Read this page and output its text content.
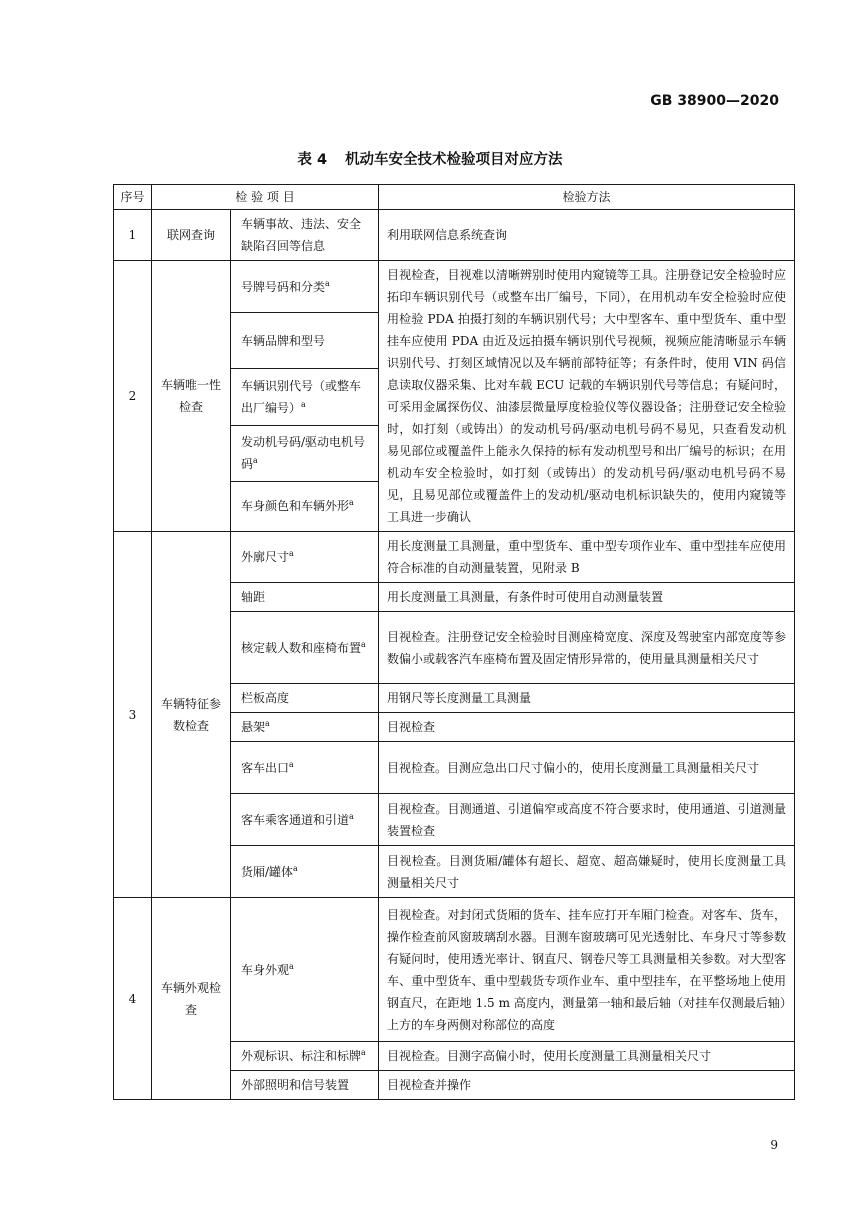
GB 38900—2020
表 4 机动车安全技术检验项目对应方法
序号	检 验 项 目		检验方法
1	联网查询	车辆事故、违法、安全缺陷召回等信息	利用联网信息系统查询
2	车辆唯一性检查	号牌号码和分类$^a$	目视检查，目视难以清晰辨别时使用内窥镜等工具。注册登记安全检验时应拓印车辆识别代号（或整车出厂编号，下同），在用机动车安全检验时应使用检验 PDA 拍摄打刻的车辆识别代号；大中型客车、重中型货车、重中型挂车应使用 PDA 由近及远拍摄车辆识别代号视频，视频应能清晰显示车辆识别代号、打刻区域情况以及车辆前部特征等；有条件时，使用 VIN 码信息读取仪器采集、比对车载 ECU 记载的车辆识别代号等信息；有疑问时，可采用金属探伤仪、油漆层微量厚度检验仪等仪器设备；注册登记安全检验时，如打刻（或铸出）的发动机号码/驱动电机号码不易见，只查看发动机易见部位或覆盖件上能永久保持的标有发动机型号和出厂编号的标识；在用机动车安全检验时，如打刻（或铸出）的发动机号码/驱动电机号码不易见，且易见部位或覆盖件上的发动机/驱动电机标识缺失的，使用内窥镜等工具进一步确认
		车辆品牌和型号	
		车辆识别代号（或整车出厂编号）$^a$
		发动机号码/驱动电机号码$^a$
		车身颜色和车辆外形$^a$
3	车辆特征参数检查	外廓尺寸$^a$	用长度测量工具测量，重中型货车、重中型专项作业车、重中型挂车应使用符合标准的自动测量装置，见附录 B
		轴距	用长度测量工具测量，有条件时可使用自动测量装置
		核定载人数和座椅布置$^a$	目视检查。注册登记安全检验时目测座椅宽度、深度及驾驶室内部宽度等参数偏小或载客汽车座椅布置及固定情形异常的，使用量具测量相关尺寸
		栏板高度	用钢尺等长度测量工具测量
		悬架$^a$	目视检查
		客车出口$^a$	目视检查。目测应急出口尺寸偏小的，使用长度测量工具测量相关尺寸
		客车乘客通道和引道$^a$	目视检查。目测通道、引道偏窄或高度不符合要求时，使用通道、引道测量装置检查
		货厢/罐体$^a$	目视检查。目测货厢/罐体有超长、超宽、超高嫌疑时，使用长度测量工具测量相关尺寸
4	车辆外观检查	车身外观$^a$	目视检查。对封闭式货厢的货车、挂车应打开车厢门检查。对客车、货车，操作检查前风窗玻璃刮水器。目测车窗玻璃可见光透射比、车身尺寸等参数有疑问时，使用透光率计、钢直尺、钢卷尺等工具测量相关参数。对大型客车、重中型货车、重中型载货专项作业车、重中型挂车，在平整场地上使用钢直尺，在距地 1.5 m 高度内，测量第一轴和最后轴（对挂车仅测最后轴）上方的车身两侧对称部位的高度
		外观标识、标注和标牌$^a$	目视检查。目测字高偏小时，使用长度测量工具测量相关尺寸
		外部照明和信号装置	目视检查并操作
9
